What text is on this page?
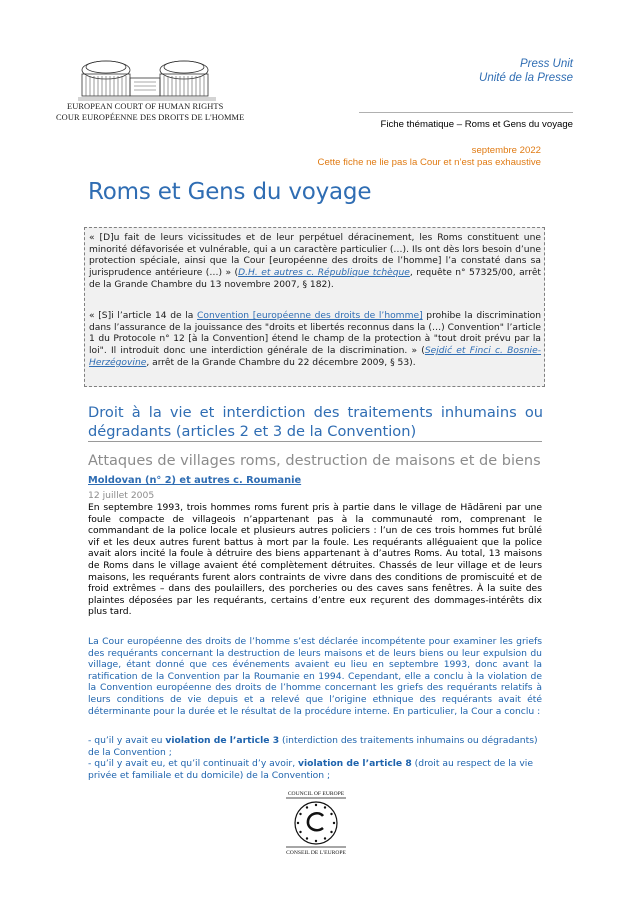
EUROPEAN COURT OF HUMAN RIGHTS
COUR EUROPÉENNE DES DROITS DE L'HOMME
Press Unit
Unité de la Presse
Fiche thématique – Roms et Gens du voyage
septembre 2022
Cette fiche ne lie pas la Cour et n’est pas exhaustive
Roms et Gens du voyage
« [D]u fait de leurs vicissitudes et de leur perpétuel déracinement, les Roms constituent une minorité défavorisée et vulnérable, qui a un caractère particulier (…). Ils ont dès lors besoin d’une protection spéciale, ainsi que la Cour [européenne des droits de l’homme] l’a constaté dans sa jurisprudence antérieure (…) » (D.H. et autres c. République tchèque, requête n° 57325/00, arrêt de la Grande Chambre du 13 novembre 2007, § 182).
« [S]i l’article 14 de la Convention [européenne des droits de l’homme] prohibe la discrimination dans l’assurance de la jouissance des "droits et libertés reconnus dans la (…) Convention" l’article 1 du Protocole n° 12 [à la Convention] étend le champ de la protection à "tout droit prévu par la loi". Il introduit donc une interdiction générale de la discrimination. » (Sejdić et Finci c. Bosnie-Herzégovine, arrêt de la Grande Chambre du 22 décembre 2009, § 53).
Droit à la vie et interdiction des traitements inhumains ou dégradants (articles 2 et 3 de la Convention)
Attaques de villages roms, destruction de maisons et de biens
Moldovan (n° 2) et autres c. Roumanie
12 juillet 2005
En septembre 1993, trois hommes roms furent pris à partie dans le village de Hădăreni par une foule compacte de villageois n’appartenant pas à la communauté rom, comprenant le commandant de la police locale et plusieurs autres policiers : l’un de ces trois hommes fut brûlé vif et les deux autres furent battus à mort par la foule. Les requérants alléguaient que la police avait alors incité la foule à détruire des biens appartenant à d’autres Roms. Au total, 13 maisons de Roms dans le village avaient été complètement détruites. Chassés de leur village et de leurs maisons, les requérants furent alors contraints de vivre dans des conditions de promiscuité et de froid extrêmes – dans des poulaillers, des porcheries ou des caves sans fenêtres. À la suite des plaintes déposées par les requérants, certains d’entre eux reçurent des dommages-intérêts dix plus tard.
La Cour européenne des droits de l’homme s’est déclarée incompétente pour examiner les griefs des requérants concernant la destruction de leurs maisons et de leurs biens ou leur expulsion du village, étant donné que ces événements avaient eu lieu en septembre 1993, donc avant la ratification de la Convention par la Roumanie en 1994. Cependant, elle a conclu à la violation de la Convention européenne des droits de l’homme concernant les griefs des requérants relatifs à leurs conditions de vie depuis et a relevé que l’origine ethnique des requérants avait été déterminante pour la durée et le résultat de la procédure interne. En particulier, la Cour a conclu :
- qu’il y avait eu violation de l’article 3 (interdiction des traitements inhumains ou dégradants) de la Convention ;
- qu’il y avait eu, et qu’il continuait d’y avoir, violation de l’article 8 (droit au respect de la vie privée et familiale et du domicile) de la Convention ;
COUNCIL OF EUROPE
CONSEIL DE L'EUROPE
